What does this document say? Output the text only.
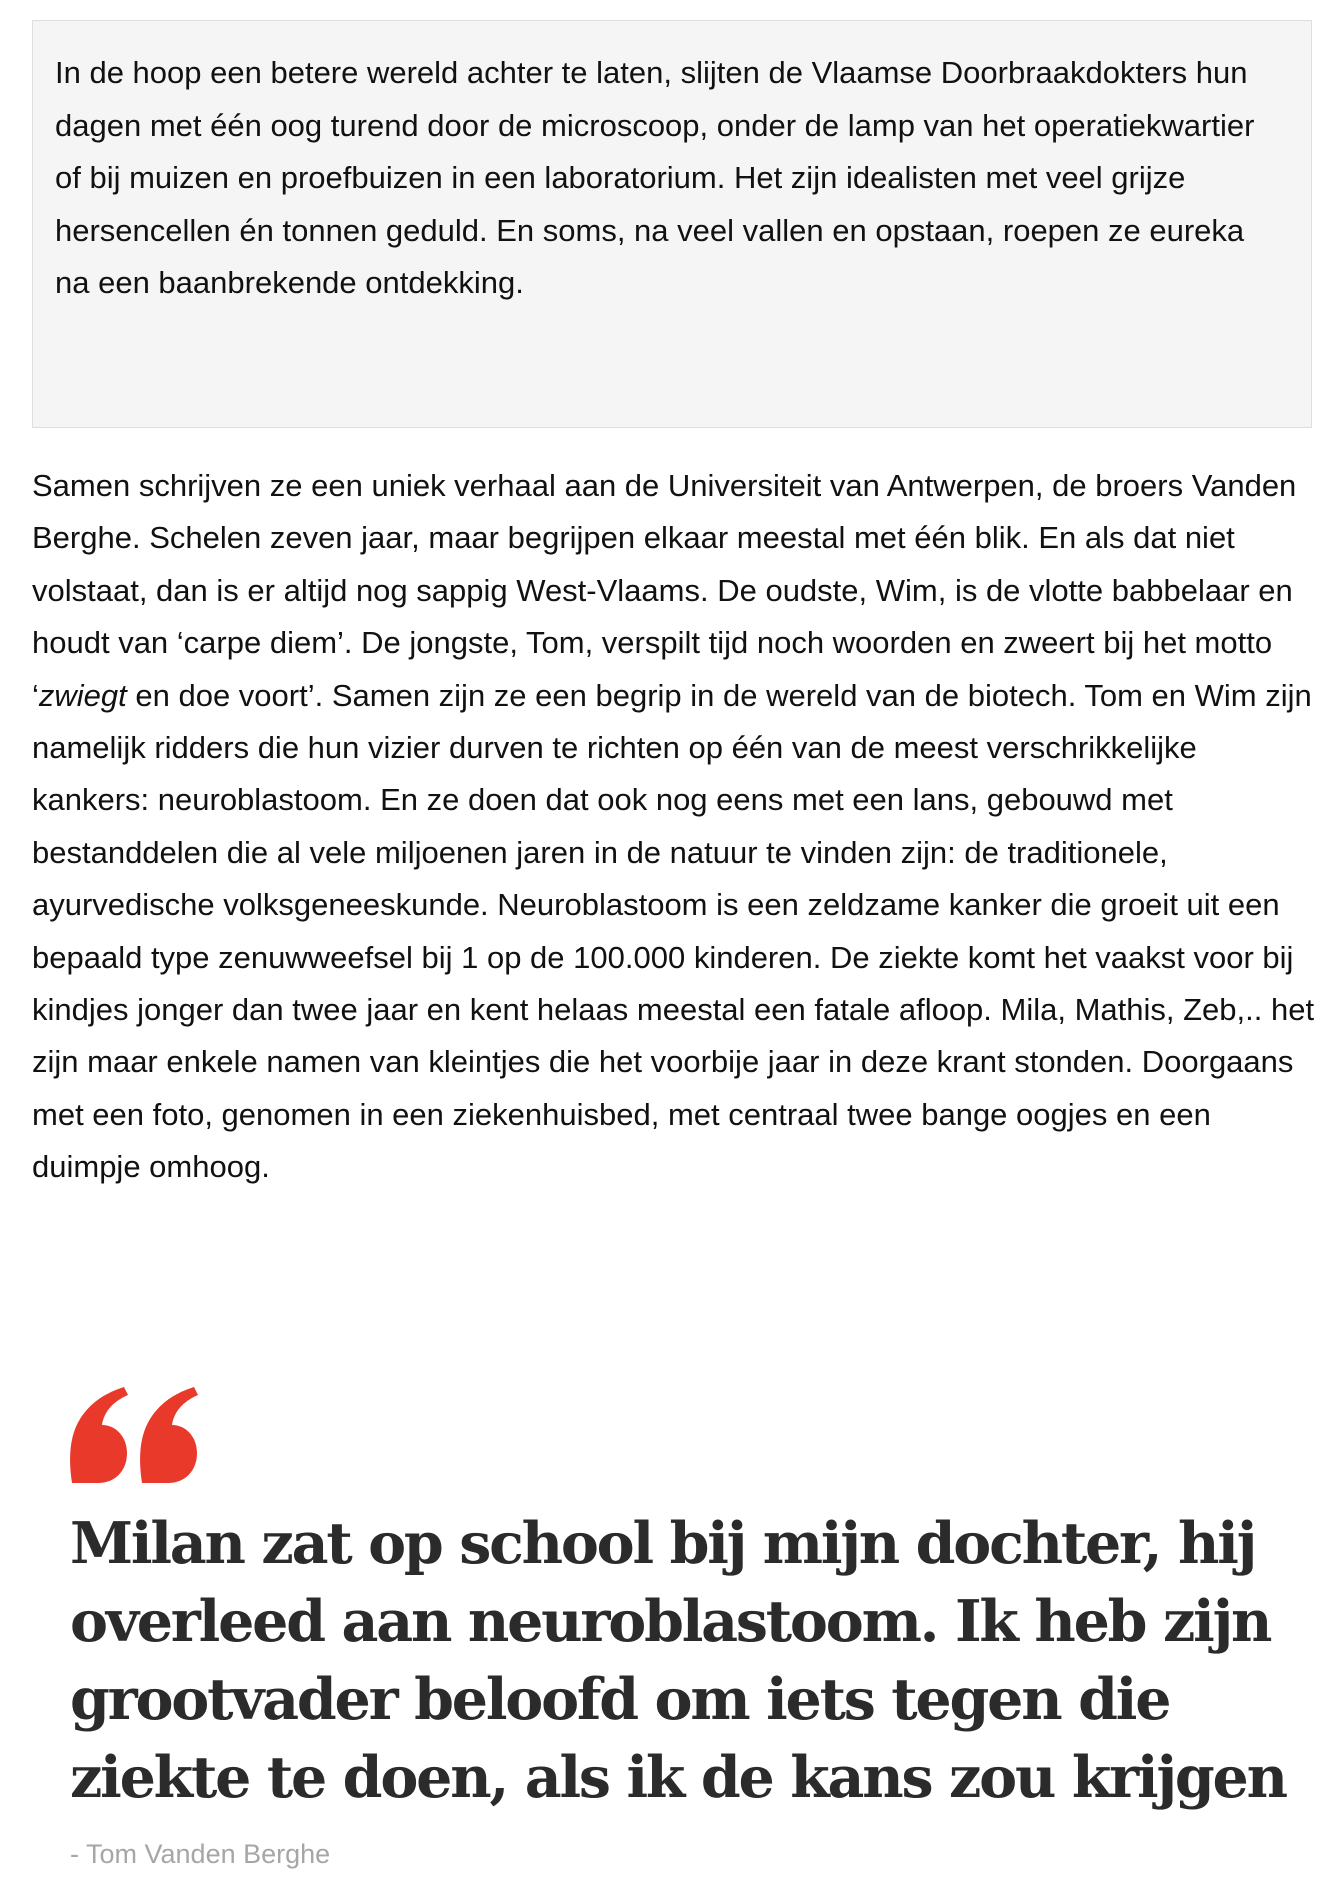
In de hoop een betere wereld achter te laten, slijten de Vlaamse Doorbraakdokters hun dagen met één oog turend door de microscoop, onder de lamp van het operatiekwartier of bij muizen en proefbuizen in een laboratorium. Het zijn idealisten met veel grijze hersencellen én tonnen geduld. En soms, na veel vallen en opstaan, roepen ze eureka na een baanbrekende ontdekking.

Samen schrijven ze een uniek verhaal aan de Universiteit van Antwerpen, de broers Vanden Berghe. Schelen zeven jaar, maar begrijpen elkaar meestal met één blik. En als dat niet volstaat, dan is er altijd nog sappig West-Vlaams. De oudste, Wim, is de vlotte babbelaar en houdt van ‘carpe diem’. De jongste, Tom, verspilt tijd noch woorden en zweert bij het motto ‘zwiegt en doe voort’. Samen zijn ze een begrip in de wereld van de biotech. Tom en Wim zijn namelijk ridders die hun vizier durven te richten op één van de meest verschrikkelijke kankers: neuroblastoom. En ze doen dat ook nog eens met een lans, gebouwd met bestanddelen die al vele miljoenen jaren in de natuur te vinden zijn: de traditionele, ayurvedische volksgeneeskunde. Neuroblastoom is een zeldzame kanker die groeit uit een bepaald type zenuwweefsel bij 1 op de 100.000 kinderen. De ziekte komt het vaakst voor bij kindjes jonger dan twee jaar en kent helaas meestal een fatale afloop. Mila, Mathis, Zeb,.. het zijn maar enkele namen van kleintjes die het voorbije jaar in deze krant stonden. Doorgaans met een foto, genomen in een ziekenhuisbed, met centraal twee bange oogjes en een duimpje omhoog.

Milan zat op school bij mijn dochter, hij overleed aan neuroblastoom. Ik heb zijn grootvader beloofd om iets tegen die ziekte te doen, als ik de kans zou krijgen

- Tom Vanden Berghe
